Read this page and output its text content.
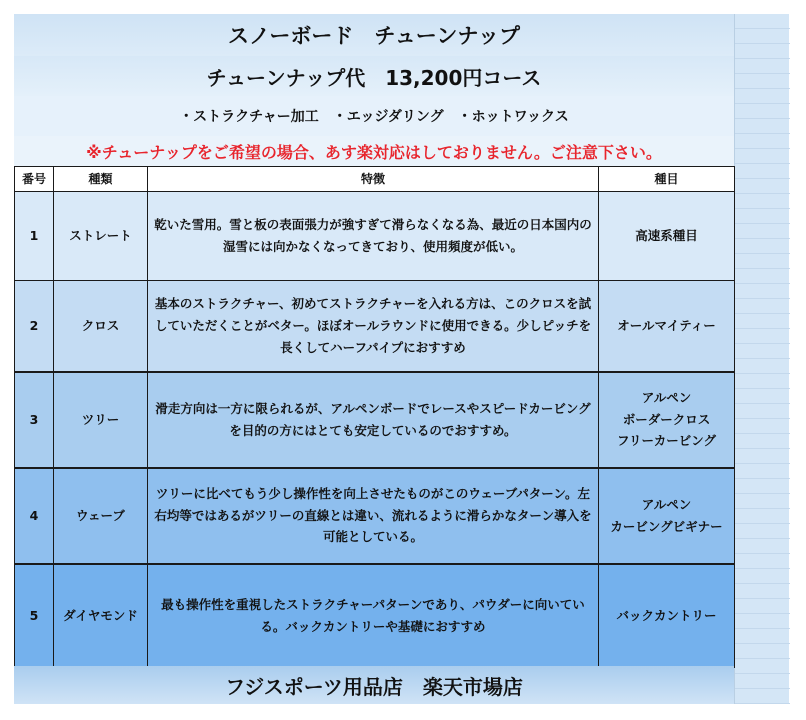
スノーボード　チューンナップ
チューンナップ代　13,200円コース
・ストラクチャー加工　・エッジダリング　・ホットワックス
※チューナップをご希望の場合、あす楽対応はしておりません。ご注意下さい。
番号	種類	特徴	種目
1	ストレート	乾いた雪用。雪と板の表面張力が強すぎて滑らなくなる為、最近の日本国内の湿雪には向かなくなってきており、使用頻度が低い。	高速系種目

2	クロス	基本のストラクチャー、初めてストラクチャーを入れる方は、このクロスを試していただくことがベター。ほぼオールラウンドに使用できる。少しピッチを長くしてハーフパイプにおすすめ	オールマイティー

3	ツリー	滑走方向は一方に限られるが、アルペンボードでレースやスピードカービングを目的の方にはとても安定しているのでおすすめ。	アルペン
ボーダークロス
フリーカービング

4	ウェーブ	ツリーに比べてもう少し操作性を向上させたものがこのウェーブパターン。左右均等ではあるがツリーの直線とは違い、流れるように滑らかなターン導入を可能としている。	アルペン
カービングビギナー

5	ダイヤモンド	最も操作性を重視したストラクチャーパターンであり、パウダーに向いている。バックカントリーや基礎におすすめ	バックカントリー
フジスポーツ用品店　楽天市場店
